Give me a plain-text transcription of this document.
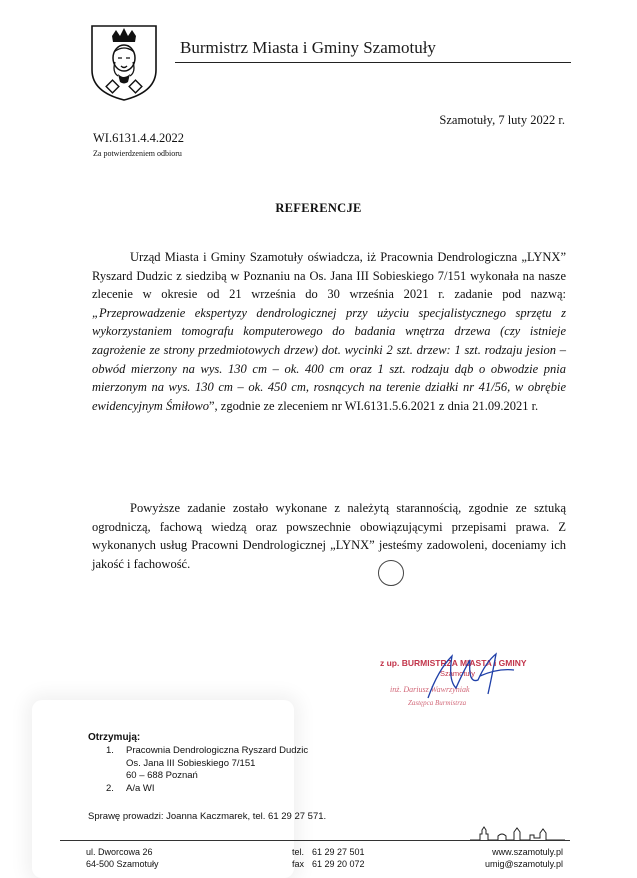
Burmistrz Miasta i Gminy Szamotuły
Szamotuły, 7 luty 2022 r.
WI.6131.4.4.2022
Za potwierdzeniem odbioru
REFERENCJE
Urząd Miasta i Gminy Szamotuły oświadcza, iż Pracownia Dendrologiczna „LYNX” Ryszard Dudzic z siedzibą w Poznaniu na Os. Jana III Sobieskiego 7/151 wykonała na nasze zlecenie w okresie od 21 września do 30 września 2021 r. zadanie pod nazwą: „Przeprowadzenie ekspertyzy dendrologicznej przy użyciu specjalistycznego sprzętu z wykorzystaniem tomografu komputerowego do badania wnętrza drzewa (czy istnieje zagrożenie ze strony przedmiotowych drzew) dot. wycinki 2 szt. drzew: 1 szt. rodzaju jesion – obwód mierzony na wys. 130 cm – ok. 400 cm oraz 1 szt. rodzaju dąb o obwodzie pnia mierzonym na wys. 130 cm – ok. 450 cm, rosnących na terenie działki nr 41/56, w obrębie ewidencyjnym Śmiłowo”, zgodnie ze zleceniem nr WI.6131.5.6.2021 z dnia 21.09.2021 r.
Powyższe zadanie zostało wykonane z należytą starannością, zgodnie ze sztuką ogrodniczą, fachową wiedzą oraz powszechnie obowiązującymi przepisami prawa. Z wykonanych usług Pracowni Dendrologicznej „LYNX” jesteśmy zadowoleni, doceniamy ich jakość i fachowość.
z up. BURMISTRZA MIASTA i GMINY
Szamotuły
inż. Dariusz Wawrzyniak
Zastępca Burmistrza
Otrzymują:
1. Pracownia Dendrologiczna Ryszard Dudzic
Os. Jana III Sobieskiego 7/151
60 – 688 Poznań
2. A/a WI
Sprawę prowadzi: Joanna Kaczmarek, tel. 61 29 27 571.
ul. Dworcowa 26
64-500 Szamotuły
tel.
fax
61 29 27 501
61 29 20 072
www.szamotuly.pl
umig@szamotuly.pl
